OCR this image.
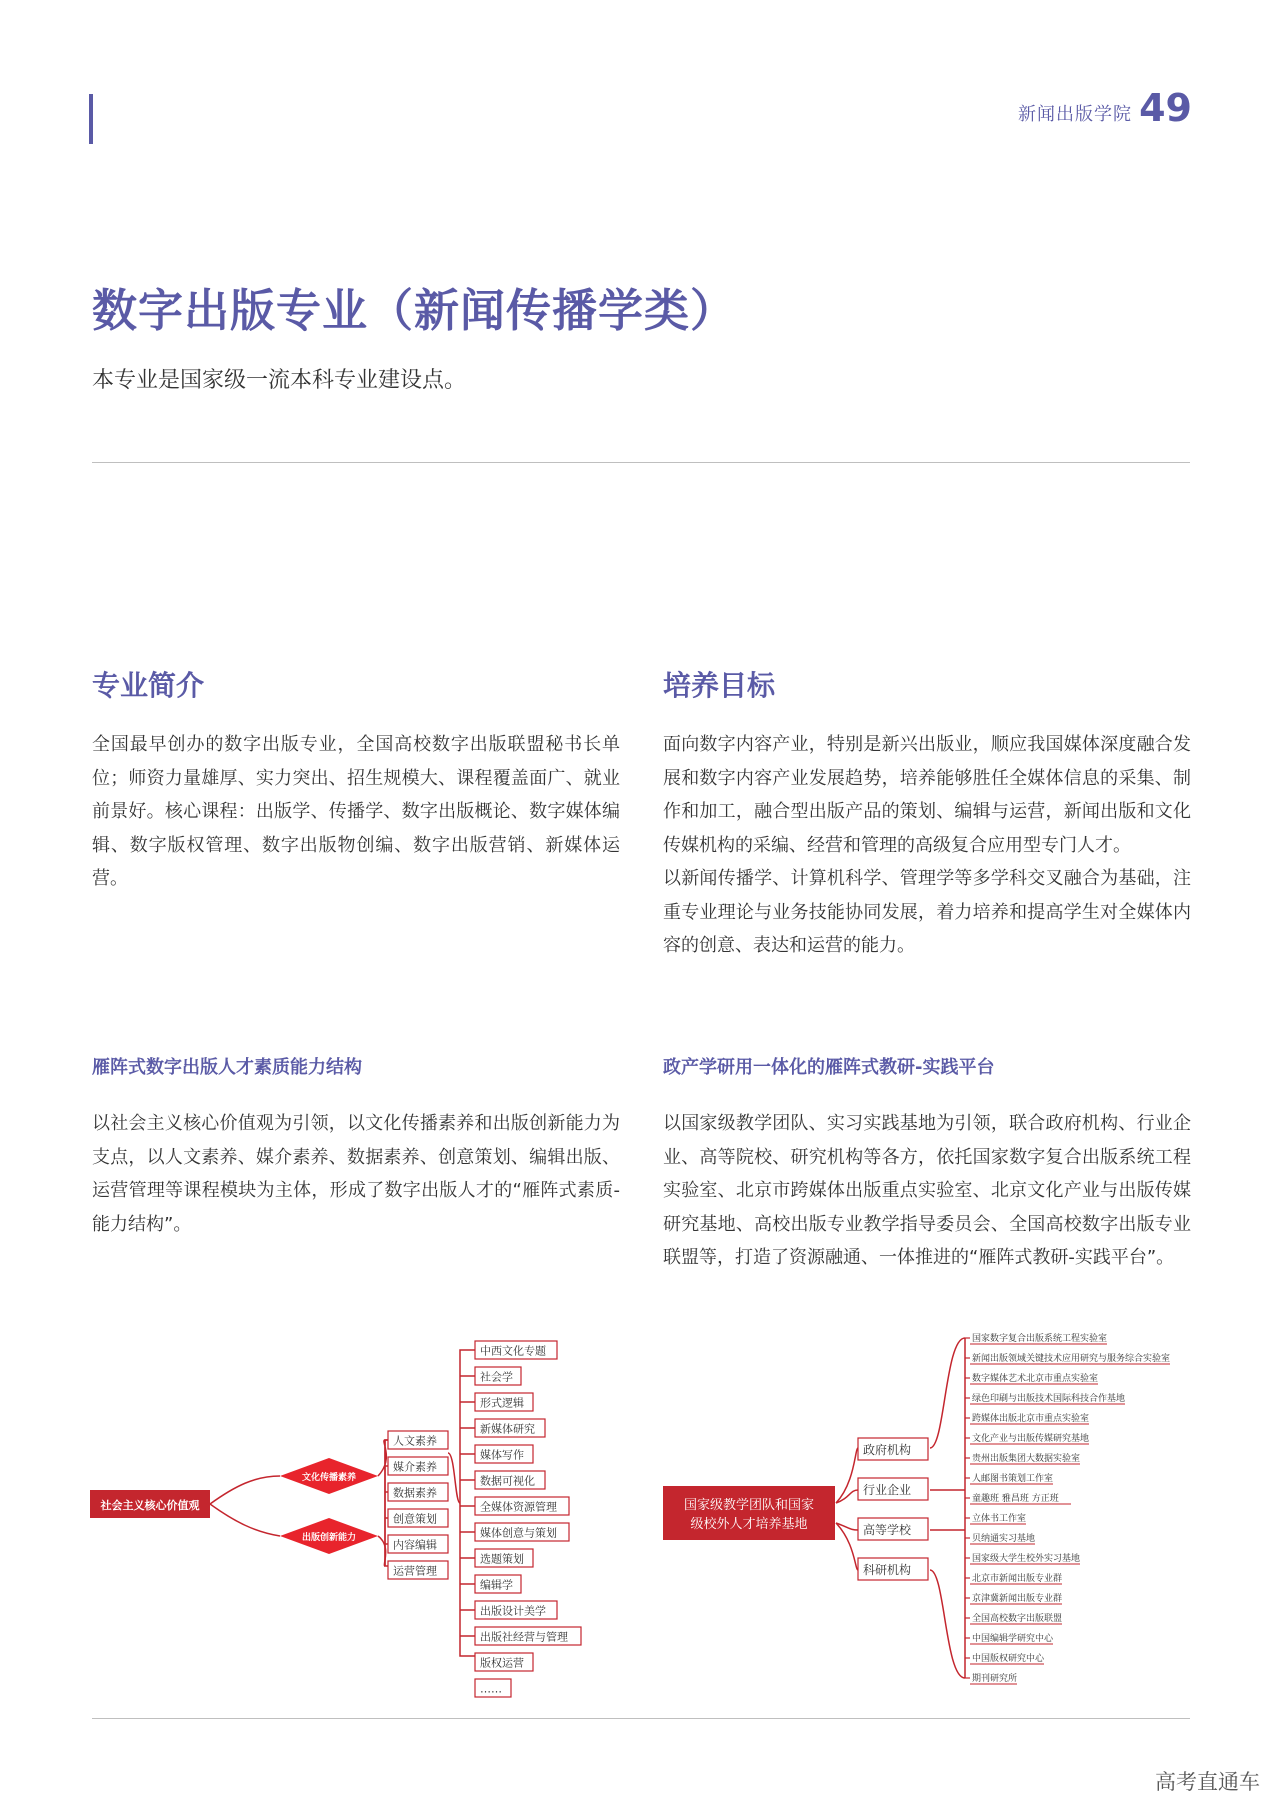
新闻出版学院 49
数字出版专业（新闻传播学类）
本专业是国家级一流本科专业建设点。
专业简介
全国最早创办的数字出版专业，全国高校数字出版联盟秘书长单位；师资力量雄厚、实力突出、招生规模大、课程覆盖面广、就业前景好。核心课程：出版学、传播学、数字出版概论、数字媒体编辑、数字版权管理、数字出版物创编、数字出版营销、新媒体运营。
培养目标

面向数字内容产业，特别是新兴出版业，顺应我国媒体深度融合发展和数字内容产业发展趋势，培养能够胜任全媒体信息的采集、制作和加工，融合型出版产品的策划、编辑与运营，新闻出版和文化传媒机构的采编、经营和管理的高级复合应用型专门人才。

以新闻传播学、计算机科学、管理学等多学科交叉融合为基础，注重专业理论与业务技能协同发展，着力培养和提高学生对全媒体内容的创意、表达和运营的能力。

雁阵式数字出版人才素质能力结构
以社会主义核心价值观为引领，以文化传播素养和出版创新能力为支点，以人文素养、媒介素养、数据素养、创意策划、编辑出版、运营管理等课程模块为主体，形成了数字出版人才的“雁阵式素质-能力结构”。
政产学研用一体化的雁阵式教研-实践平台
以国家级教学团队、实习实践基地为引领，联合政府机构、行业企业、高等院校、研究机构等各方，依托国家数字复合出版系统工程实验室、北京市跨媒体出版重点实验室、北京文化产业与出版传媒研究基地、高校出版专业教学指导委员会、全国高校数字出版专业联盟等，打造了资源融通、一体推进的“雁阵式教研-实践平台”。
社会主义核心价值观
文化传播素养
出版创新能力
人文素养
媒介素养
数据素养
创意策划
内容编辑
运营管理
中西文化专题
社会学
形式逻辑
新媒体研究
媒体写作
数据可视化
全媒体资源管理
媒体创意与策划
选题策划
编辑学
出版设计美学
出版社经营与管理
版权运营
……
国家级教学团队和国家
级校外人才培养基地
政府机构
行业企业
高等学校
科研机构
国家数字复合出版系统工程实验室
新闻出版领域关键技术应用研究与服务综合实验室
数字媒体艺术北京市重点实验室
绿色印刷与出版技术国际科技合作基地
跨媒体出版北京市重点实验室
文化产业与出版传媒研究基地
贵州出版集团大数据实验室
人邮图书策划工作室
童趣班 雅昌班 方正班
立体书工作室
贝纳通实习基地
国家级大学生校外实习基地
北京市新闻出版专业群
京津冀新闻出版专业群
全国高校数字出版联盟
中国编辑学研究中心
中国版权研究中心
期刊研究所
高考直通车
